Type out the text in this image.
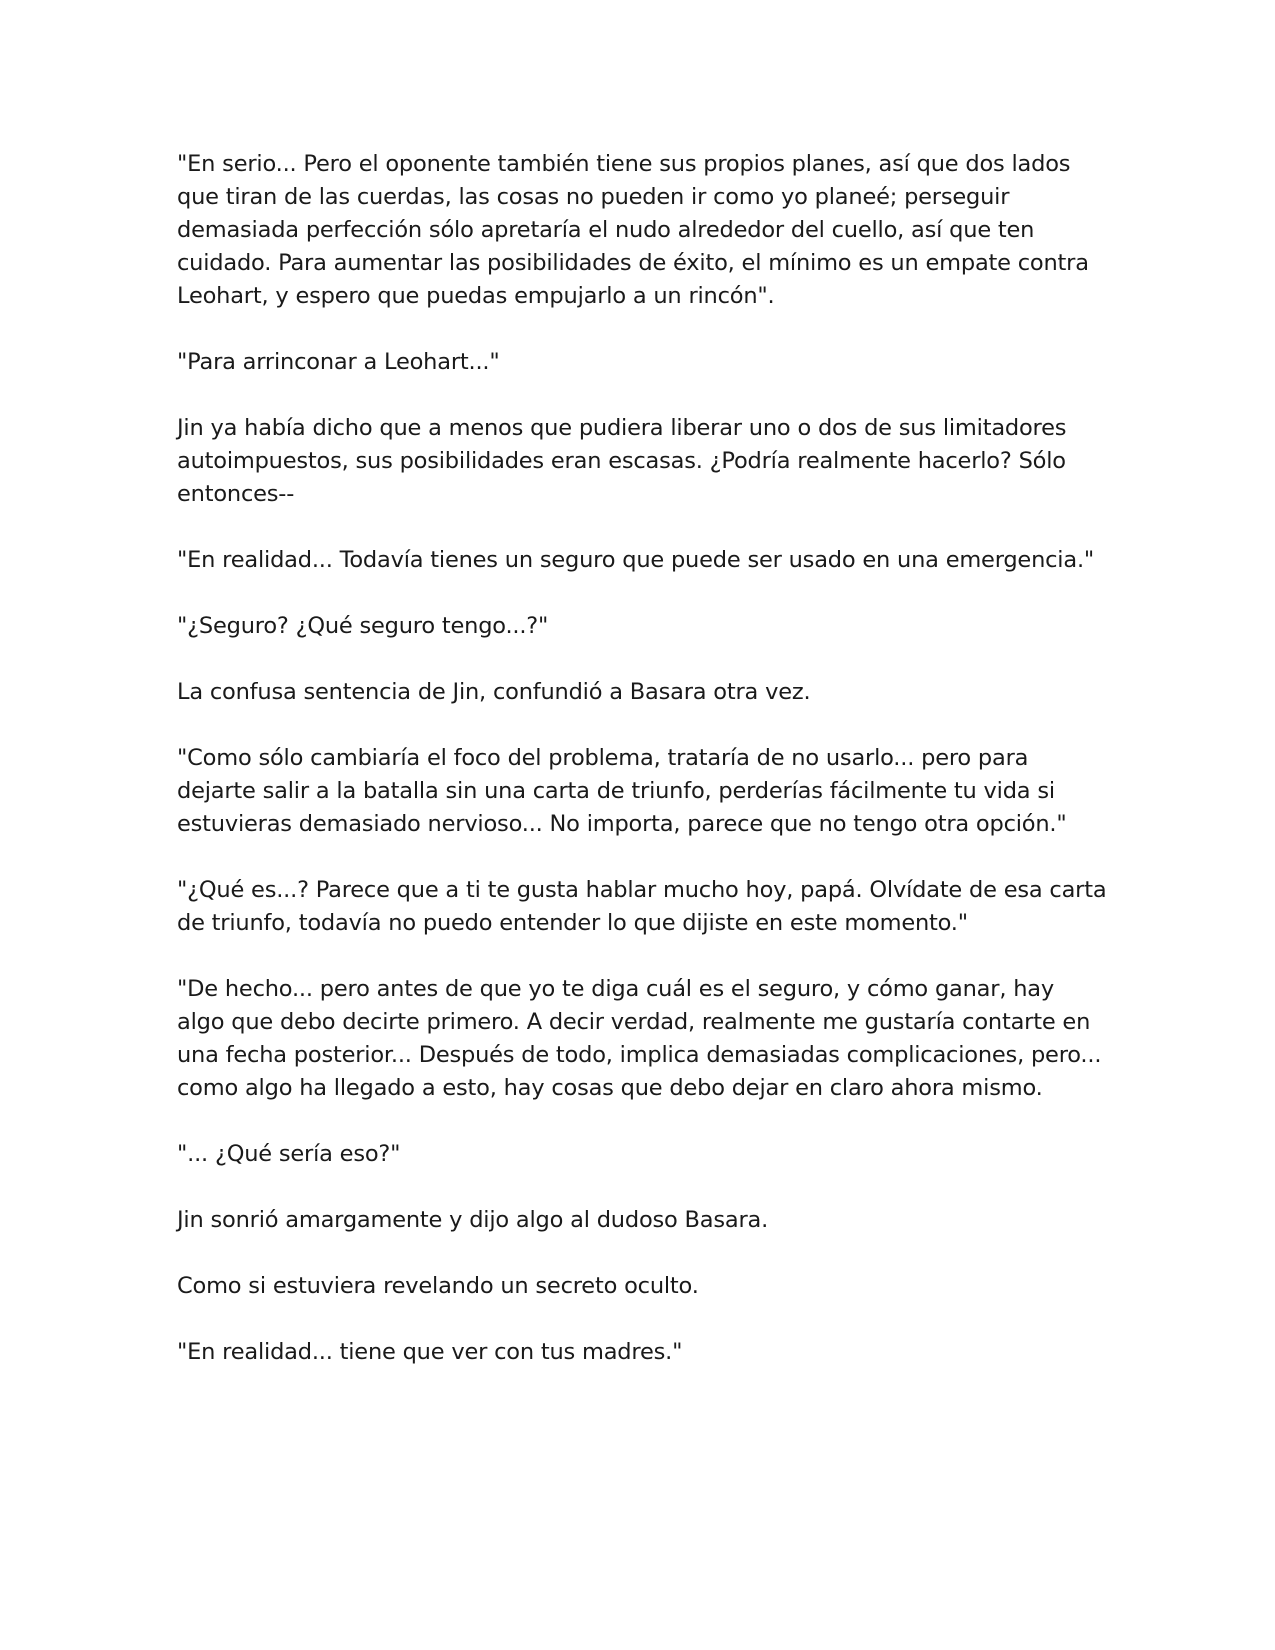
"En serio... Pero el oponente también tiene sus propios planes, así que dos lados que tiran de las cuerdas, las cosas no pueden ir como yo planeé; perseguir demasiada perfección sólo apretaría el nudo alrededor del cuello, así que ten cuidado. Para aumentar las posibilidades de éxito, el mínimo es un empate contra Leohart, y espero que puedas empujarlo a un rincón".

"Para arrinconar a Leohart..."

Jin ya había dicho que a menos que pudiera liberar uno o dos de sus limitadores autoimpuestos, sus posibilidades eran escasas. ¿Podría realmente hacerlo? Sólo entonces--

"En realidad... Todavía tienes un seguro que puede ser usado en una emergencia."

"¿Seguro? ¿Qué seguro tengo...?"

La confusa sentencia de Jin, confundió a Basara otra vez.

"Como sólo cambiaría el foco del problema, trataría de no usarlo... pero para dejarte salir a la batalla sin una carta de triunfo, perderías fácilmente tu vida si estuvieras demasiado nervioso... No importa, parece que no tengo otra opción."

"¿Qué es...? Parece que a ti te gusta hablar mucho hoy, papá. Olvídate de esa carta de triunfo, todavía no puedo entender lo que dijiste en este momento."

"De hecho... pero antes de que yo te diga cuál es el seguro, y cómo ganar, hay algo que debo decirte primero. A decir verdad, realmente me gustaría contarte en una fecha posterior... Después de todo, implica demasiadas complicaciones, pero... como algo ha llegado a esto, hay cosas que debo dejar en claro ahora mismo.

"... ¿Qué sería eso?"

Jin sonrió amargamente y dijo algo al dudoso Basara.

Como si estuviera revelando un secreto oculto.

"En realidad... tiene que ver con tus madres."
